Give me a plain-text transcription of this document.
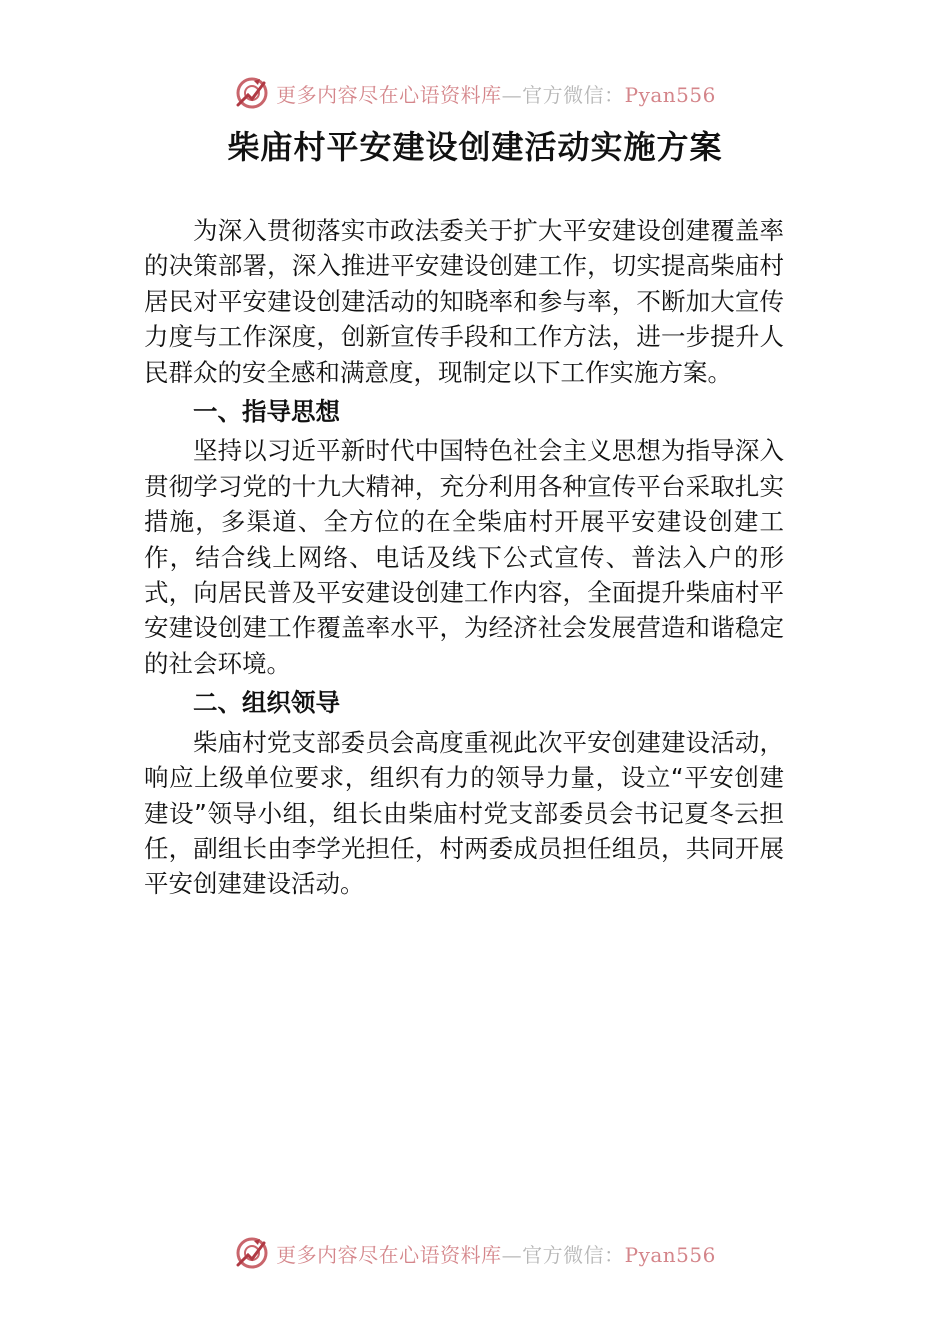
更多内容尽在心语资料库—官方微信：Pyan556
柴庙村平安建设创建活动实施方案

为深入贯彻落实市政法委关于扩大平安建设创建覆盖率的决策部署，深入推进平安建设创建工作，切实提高柴庙村居民对平安建设创建活动的知晓率和参与率，不断加大宣传力度与工作深度，创新宣传手段和工作方法，进一步提升人民群众的安全感和满意度，现制定以下工作实施方案。

一、指导思想

坚持以习近平新时代中国特色社会主义思想为指导深入贯彻学习党的十九大精神，充分利用各种宣传平台采取扎实措施，多渠道、全方位的在全柴庙村开展平安建设创建工作，结合线上网络、电话及线下公式宣传、普法入户的形式，向居民普及平安建设创建工作内容，全面提升柴庙村平安建设创建工作覆盖率水平，为经济社会发展营造和谐稳定的社会环境。

二、组织领导

柴庙村党支部委员会高度重视此次平安创建建设活动，响应上级单位要求，组织有力的领导力量，设立“平安创建建设”领导小组，组长由柴庙村党支部委员会书记夏冬云担任，副组长由李学光担任，村两委成员担任组员，共同开展平安创建建设活动。

更多内容尽在心语资料库—官方微信：Pyan556
